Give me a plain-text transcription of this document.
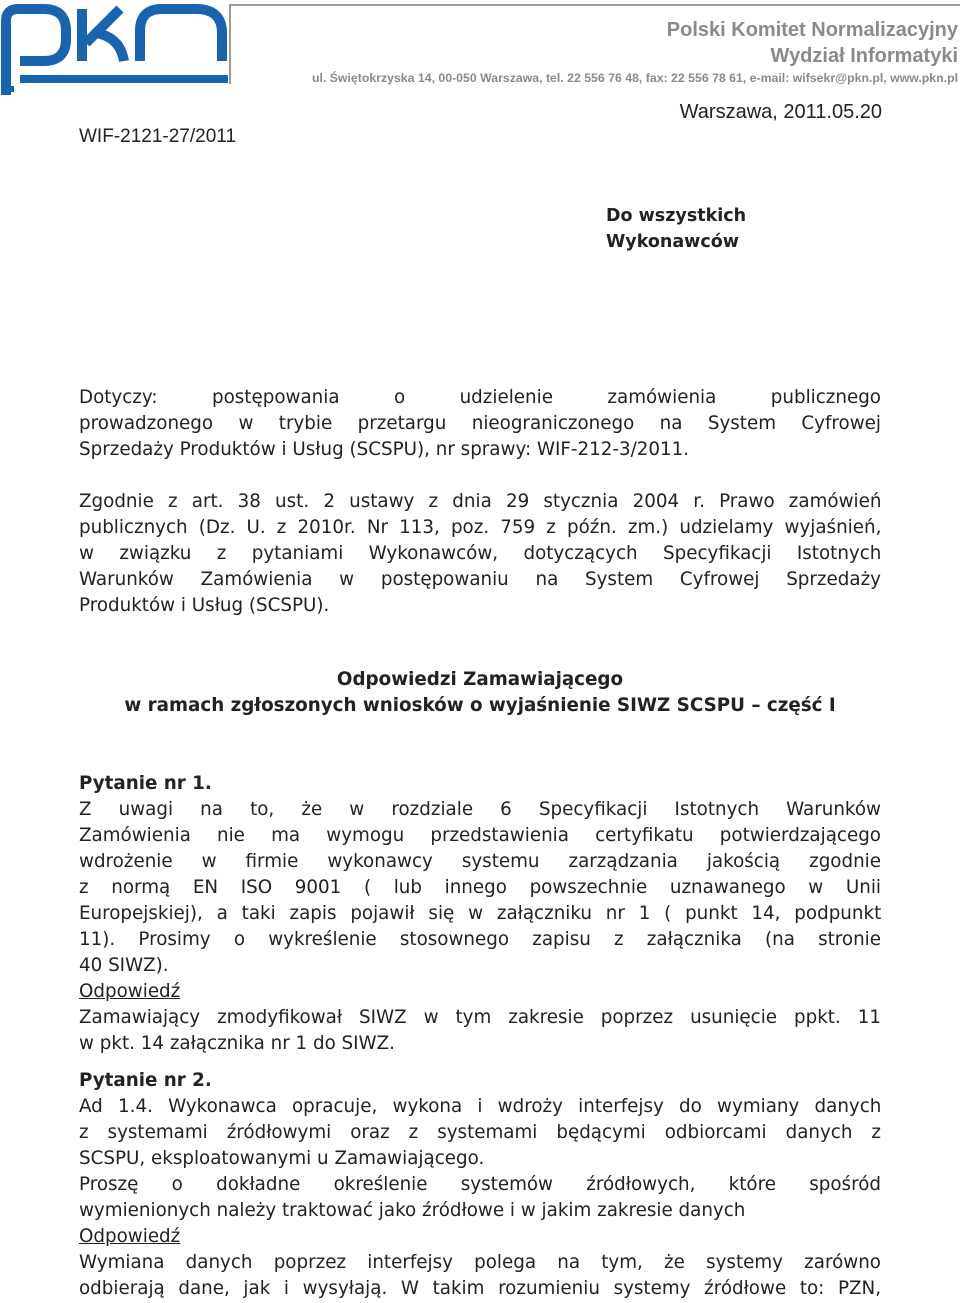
Polski Komitet Normalizacyjny
Wydział Informatyki
ul. Świętokrzyska 14, 00-050 Warszawa, tel. 22 556 76 48, fax: 22 556 78 61, e-mail: wifsekr@pkn.pl, www.pkn.pl
WIF-2121-27/2011
Warszawa, 2011.05.20
Do wszystkich
Wykonawców
Dotyczy: postępowania o udzielenie zamówienia publicznego
prowadzonego w trybie przetargu nieograniczonego na System Cyfrowej
Sprzedaży Produktów i Usług (SCSPU), nr sprawy: WIF-212-3/2011.
Zgodnie z art. 38 ust. 2 ustawy z dnia 29 stycznia 2004 r. Prawo zamówień
publicznych (Dz. U. z 2010r. Nr 113, poz. 759 z późn. zm.) udzielamy wyjaśnień,
w związku z pytaniami Wykonawców, dotyczących Specyfikacji Istotnych
Warunków Zamówienia w postępowaniu na System Cyfrowej Sprzedaży
Produktów i Usług (SCSPU).
Odpowiedzi Zamawiającego
w ramach zgłoszonych wniosków o wyjaśnienie SIWZ SCSPU – część I
Pytanie nr 1.
Z uwagi na to, że w rozdziale 6 Specyfikacji Istotnych Warunków
Zamówienia nie ma wymogu przedstawienia certyfikatu potwierdzającego
wdrożenie w firmie wykonawcy systemu zarządzania jakością zgodnie
z normą EN ISO 9001 ( lub innego powszechnie uznawanego w Unii
Europejskiej), a taki zapis pojawił się w załączniku nr 1 ( punkt 14, podpunkt
11). Prosimy o wykreślenie stosownego zapisu z załącznika (na stronie
40 SIWZ).
Odpowiedź
Zamawiający zmodyfikował SIWZ w tym zakresie poprzez usunięcie ppkt. 11
w pkt. 14 załącznika nr 1 do SIWZ.
Pytanie nr 2.
Ad 1.4. Wykonawca opracuje, wykona i wdroży interfejsy do wymiany danych
z systemami źródłowymi oraz z systemami będącymi odbiorcami danych z
SCSPU, eksploatowanymi u Zamawiającego.
Proszę o dokładne określenie systemów źródłowych, które spośród
wymienionych należy traktować jako źródłowe i w jakim zakresie danych
Odpowiedź
Wymiana danych poprzez interfejsy polega na tym, że systemy zarówno
odbierają dane, jak i wysyłają. W takim rozumieniu systemy źródłowe to: PZN,
